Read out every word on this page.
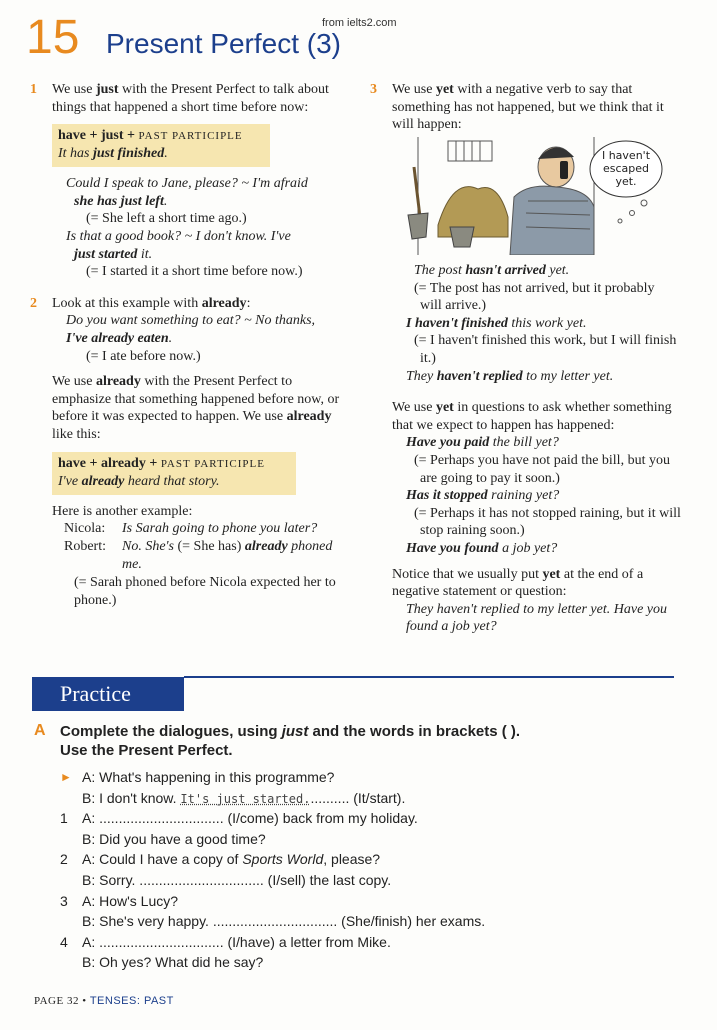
from ielts2.com
15 Present Perfect (3)
1 We use just with the Present Perfect to talk about things that happened a short time before now:

have + just + PAST PARTICIPLE
It has just finished.

Could I speak to Jane, please? ~ I'm afraid
she has just left.

(= She left a short time ago.)

Is that a good book? ~ I don't know. I've
just started it.

(= I started it a short time before now.)

2 Look at this example with already:

Do you want something to eat? ~ No thanks, I've already eaten.

(= I ate before now.)

We use already with the Present Perfect to emphasize that something happened before now, or before it was expected to happen. We use already like this:

have + already + PAST PARTICIPLE
I've already heard that story.

Here is another example:

Nicola: Is Sarah going to phone you later?
Robert: No. She's (= She has) already phoned me.

(= Sarah phoned before Nicola expected her to phone.)

3 We use yet with a negative verb to say that something has not happened, but we think that it will happen:

I haven't escaped yet.

The post hasn't arrived yet.

(= The post has not arrived, but it probably will arrive.)

I haven't finished this work yet.

(= I haven't finished this work, but I will finish it.)

They haven't replied to my letter yet.

We use yet in questions to ask whether something that we expect to happen has happened:

Have you paid the bill yet?

(= Perhaps you have not paid the bill, but you are going to pay it soon.)

Has it stopped raining yet?

(= Perhaps it has not stopped raining, but it will stop raining soon.)

Have you found a job yet?

Notice that we usually put yet at the end of a negative statement or question:

They haven't replied to my letter yet. Have you found a job yet?

Practice
A Complete the dialogues, using just and the words in brackets ( ).
Use the Present Perfect.
► A: What's happening in this programme?
B: I don't know. It's just started........... (It/start).
1	A: ................................ (I/come) back from my holiday.
B: Did you have a good time?
2	A: Could I have a copy of Sports World, please?
B: Sorry. ................................ (I/sell) the last copy.
3	A: How's Lucy?
B: She's very happy. ................................ (She/finish) her exams.
4	A: ................................ (I/have) a letter from Mike.
B: Oh yes? What did he say?
PAGE 32 • TENSES: PAST
